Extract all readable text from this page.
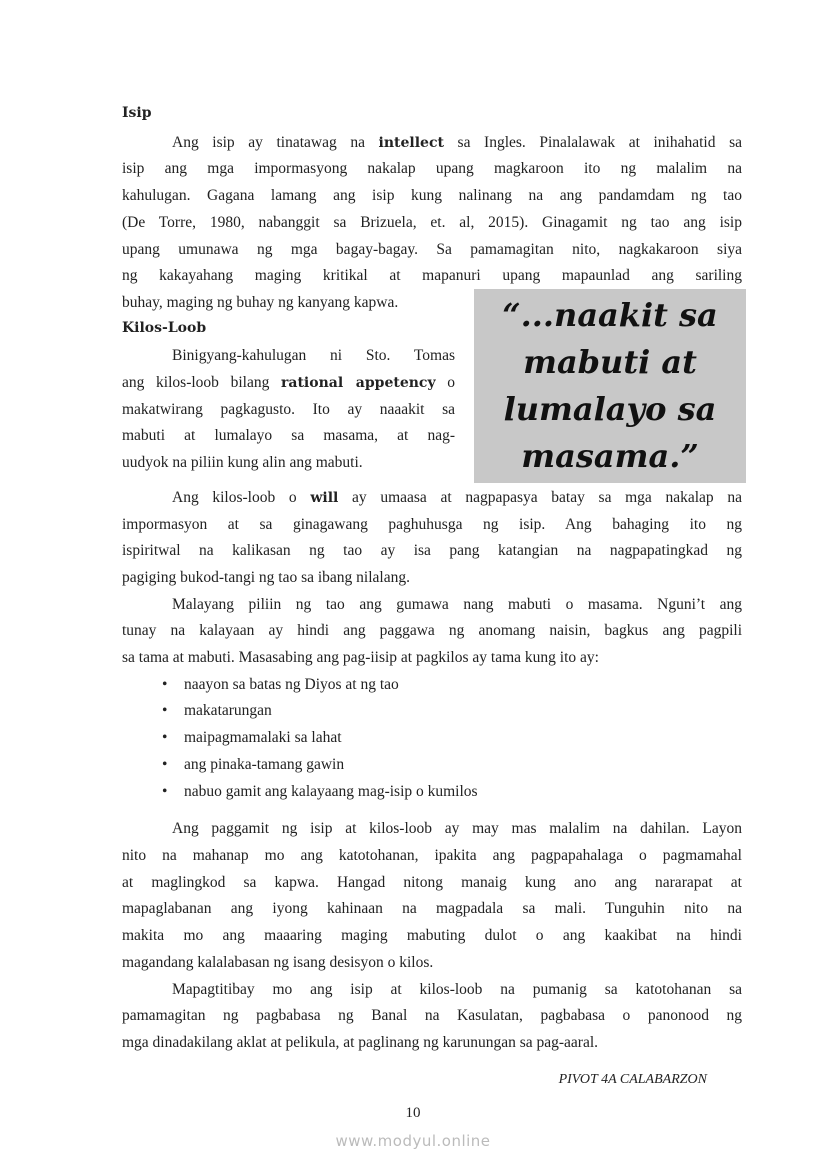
Isip
Ang isip ay tinatawag na intellect sa Ingles. Pinalalawak at inihahatid sa
isip ang mga impormasyong nakalap upang magkaroon ito ng malalim na
kahulugan. Gagana lamang ang isip kung nalinang na ang pandamdam ng tao
(De Torre, 1980, nabanggit sa Brizuela, et. al, 2015). Ginagamit ng tao ang isip
upang umunawa ng mga bagay-bagay. Sa pamamagitan nito, nagkakaroon siya
ng kakayahang maging kritikal at mapanuri upang mapaunlad ang sariling
buhay, maging ng buhay ng kanyang kapwa.
Kilos-Loob
Binigyang-kahulugan ni Sto. Tomas
ang kilos-loob bilang rational appetency o
makatwirang pagkagusto. Ito ay naaakit sa
mabuti at lumalayo sa masama, at nag-
uudyok na piliin kung alin ang mabuti.
Ang kilos-loob o will ay umaasa at nagpapasya batay sa mga nakalap na
impormasyon at sa ginagawang paghuhusga ng isip. Ang bahaging ito ng
ispiritwal na kalikasan ng tao ay isa pang katangian na nagpapatingkad ng
pagiging bukod-tangi ng tao sa ibang nilalang.
Malayang piliin ng tao ang gumawa nang mabuti o masama. Nguni’t ang
tunay na kalayaan ay hindi ang paggawa ng anomang naisin, bagkus ang pagpili
sa tama at mabuti. Masasabing ang pag-iisip at pagkilos ay tama kung ito ay:
• naayon sa batas ng Diyos at ng tao
• makatarungan
• maipagmamalaki sa lahat
• ang pinaka-tamang gawin
• nabuo gamit ang kalayaang mag-isip o kumilos
Ang paggamit ng isip at kilos-loob ay may mas malalim na dahilan. Layon
nito na mahanap mo ang katotohanan, ipakita ang pagpapahalaga o pagmamahal
at maglingkod sa kapwa. Hangad nitong manaig kung ano ang nararapat at
mapaglabanan ang iyong kahinaan na magpadala sa mali. Tunguhin nito na
makita mo ang maaaring maging mabuting dulot o ang kaakibat na hindi
magandang kalalabasan ng isang desisyon o kilos.
Mapagtitibay mo ang isip at kilos-loob na pumanig sa katotohanan sa
pamamagitan ng pagbabasa ng Banal na Kasulatan, pagbabasa o panonood ng
mga dinadakilang aklat at pelikula, at paglinang ng karunungan sa pag-aaral.
“...naakit sa
mabuti at
lumalayo sa
masama.”
PIVOT 4A CALABARZON
10
www.modyul.online
